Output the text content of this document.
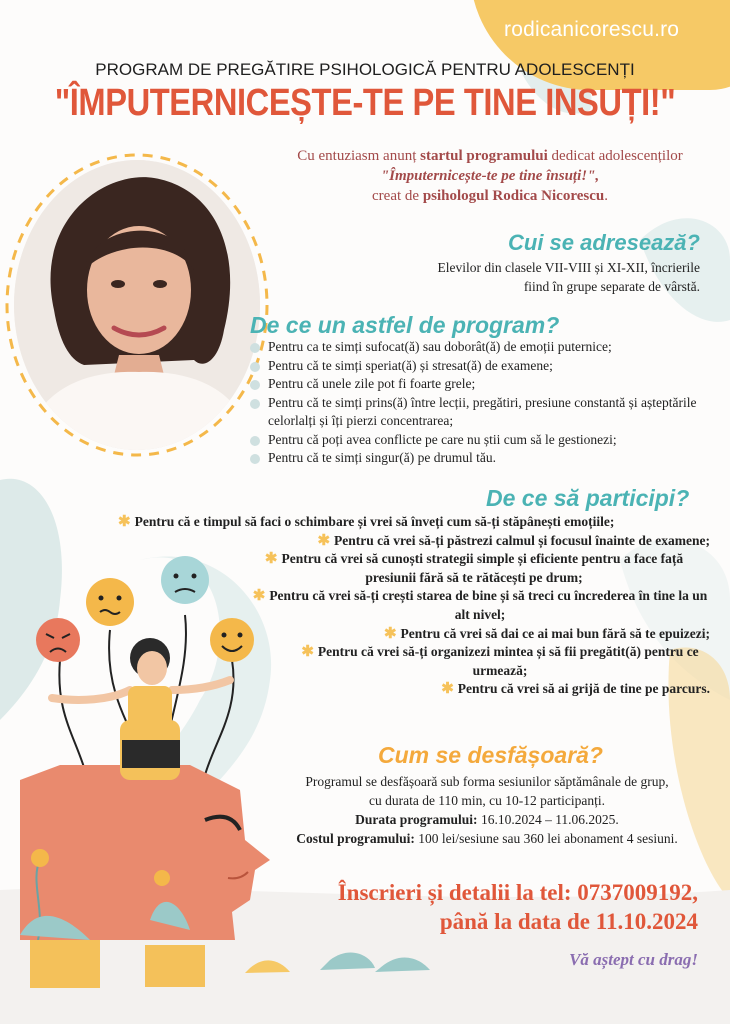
rodicanicorescu.ro
PROGRAM DE PREGĂTIRE PSIHOLOGICĂ PENTRU ADOLESCENȚI
"ÎMPUTERNICEȘTE-TE PE TINE INSUȚI!"
Cu entuziasm anunț startul programului dedicat adolescenților
"Împuternicește-te pe tine însuți!",
creat de psihologul Rodica Nicorescu.
Cui se adresează?
Elevilor din clasele VII-VIII și XI-XII, încrierile
fiind în grupe separate de vârstă.
De ce un astfel de program?
Pentru ca te simți sufocat(ă) sau doborât(ă) de emoții puternice;
Pentru că te simți speriat(ă) și stresat(ă) de examene;
Pentru că unele zile pot fi foarte grele;
Pentru că te simți prins(ă) între lecții, pregătiri, presiune constantă și așteptările celorlalți și îți pierzi concentrarea;
Pentru că poți avea conflicte pe care nu știi cum să le gestionezi;
Pentru că te simți singur(ă) pe drumul tău.
De ce să participi?
✱ Pentru că e timpul să faci o schimbare și vrei să înveți cum să-ți stăpânești emoțiile;
✱ Pentru că vrei să-ți păstrezi calmul și focusul înainte de examene;
✱ Pentru că vrei să cunoști strategii simple și eficiente pentru a face față presiunii fără să te rătăcești pe drum;
✱ Pentru că vrei să-ți crești starea de bine și să treci cu încrederea în tine la un alt nivel;
✱ Pentru că vrei să dai ce ai mai bun fără să te epuizezi;
✱ Pentru că vrei să-ți organizezi mintea și să fii pregătit(ă) pentru ce urmează;
✱ Pentru că vrei să ai grijă de tine pe parcurs.
Cum se desfășoară?
Programul se desfășoară sub forma sesiunilor săptămânale de grup,
cu durata de 110 min, cu 10-12 participanți.
Durata programului: 16.10.2024 – 11.06.2025.
Costul programului: 100 lei/sesiune sau 360 lei abonament 4 sesiuni.
Înscrieri și detalii la tel: 0737009192,
până la data de 11.10.2024
Vă aștept cu drag!
